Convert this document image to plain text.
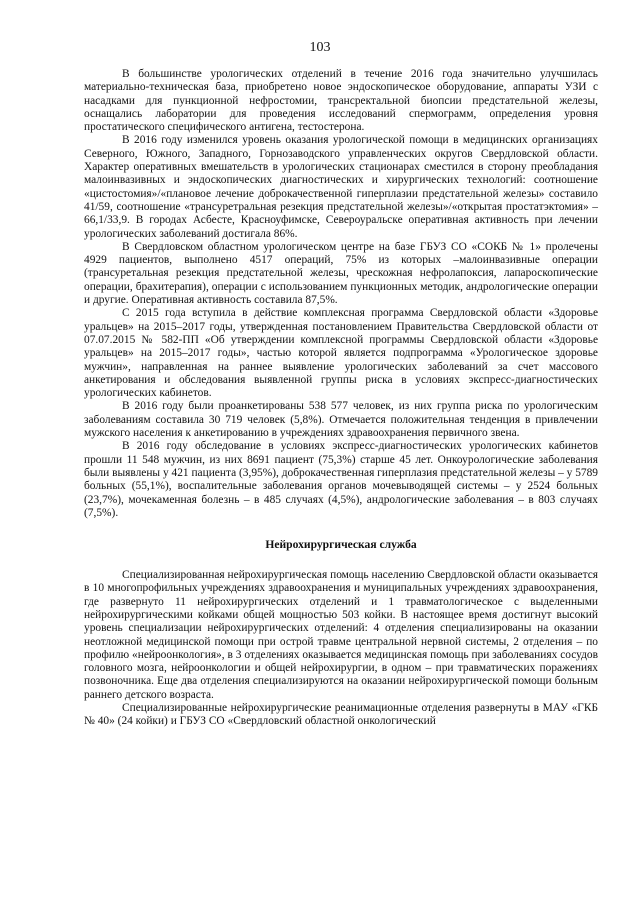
103

В большинстве урологических отделений в течение 2016 года значительно улучшилась материально-техническая база, приобретено новое эндоскопическое оборудование, аппараты УЗИ с насадками для пункционной нефростомии, трансректальной биопсии предстательной железы, оснащались лаборатории для проведения исследований спермограмм, определения уровня простатического специфического антигена, тестостерона.

В 2016 году изменился уровень оказания урологической помощи в медицинских организациях Северного, Южного, Западного, Горнозаводского управленческих округов Свердловской области. Характер оперативных вмешательств в урологических стационарах сместился в сторону преобладания малоинвазивных и эндоскопических диагностических и хирургических технологий: соотношение «цистостомия»/«плановое лечение доброкачественной гиперплазии предстательной железы» составило 41/59, соотношение «трансуретральная резекция предстательной железы»/«открытая простатэктомия» – 66,1/33,9. В городах Асбесте, Красноуфимске, Североуральске оперативная активность при лечении урологических заболеваний достигала 86%.

В Свердловском областном урологическом центре на базе ГБУЗ СО «СОКБ № 1» пролечены 4929 пациентов, выполнено 4517 операций, 75% из которых –малоинвазивные операции (трансуретальная резекция предстательной железы, чрескожная нефролапоксия, лапароскопические операции, брахитерапия), операции с использованием пункционных методик, андрологические операции и другие. Оперативная активность составила 87,5%.

С 2015 года вступила в действие комплексная программа Свердловской области «Здоровье уральцев» на 2015–2017 годы, утвержденная постановлением Правительства Свердловской области от 07.07.2015 № 582-ПП «Об утверждении комплексной программы Свердловской области «Здоровье уральцев» на 2015–2017 годы», частью которой является подпрограмма «Урологическое здоровье мужчин», направленная на раннее выявление урологических заболеваний за счет массового анкетирования и обследования выявленной группы риска в условиях экспресс-диагностических урологических кабинетов.

В 2016 году были проанкетированы 538 577 человек, из них группа риска по урологическим заболеваниям составила 30 719 человек (5,8%). Отмечается положительная тенденция в привлечении мужского населения к анкетированию в учреждениях здравоохранения первичного звена.

В 2016 году обследование в условиях экспресс-диагностических урологических кабинетов прошли 11 548 мужчин, из них 8691 пациент (75,3%) старше 45 лет. Онкоурологические заболевания были выявлены у 421 пациента (3,95%), доброкачественная гиперплазия предстательной железы – у 5789 больных (55,1%), воспалительные заболевания органов мочевыводящей системы – у 2524 больных (23,7%), мочекаменная болезнь – в 485 случаях (4,5%), андрологические заболевания – в 803 случаях (7,5%).

Нейрохирургическая служба

Специализированная нейрохирургическая помощь населению Свердловской области оказывается в 10 многопрофильных учреждениях здравоохранения и муниципальных учреждениях здравоохранения, где развернуто 11 нейрохирургических отделений и 1 травматологическое с выделенными нейрохирургическими койками общей мощностью 503 койки. В настоящее время достигнут высокий уровень специализации нейрохирургических отделений: 4 отделения специализированы на оказании неотложной медицинской помощи при острой травме центральной нервной системы, 2 отделения – по профилю «нейроонкология», в 3 отделениях оказывается медицинская помощь при заболеваниях сосудов головного мозга, нейроонкологии и общей нейрохирургии, в одном – при травматических поражениях позвоночника. Еще два отделения специализируются на оказании нейрохирургической помощи больным раннего детского возраста.

Специализированные нейрохирургические реанимационные отделения развернуты в МАУ «ГКБ № 40» (24 койки) и ГБУЗ СО «Свердловский областной онкологический
